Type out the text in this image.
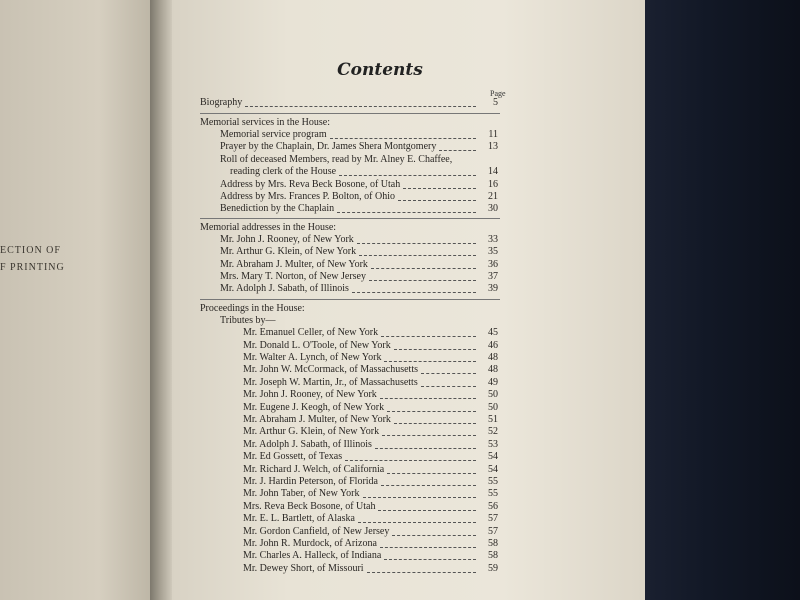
ECTION OF
F PRINTING
Contents
Page
Biography	5
Memorial services in the House:
Memorial service program	11
Prayer by the Chaplain, Dr. James Shera Montgomery	13
Roll of deceased Members, read by Mr. Alney E. Chaffee,
reading clerk of the House	14
Address by Mrs. Reva Beck Bosone, of Utah	16
Address by Mrs. Frances P. Bolton, of Ohio	21
Benediction by the Chaplain	30
Memorial addresses in the House:
Mr. John J. Rooney, of New York	33
Mr. Arthur G. Klein, of New York	35
Mr. Abraham J. Multer, of New York	36
Mrs. Mary T. Norton, of New Jersey	37
Mr. Adolph J. Sabath, of Illinois	39
Proceedings in the House:
Tributes by—
Mr. Emanuel Celler, of New York	45
Mr. Donald L. O'Toole, of New York	46
Mr. Walter A. Lynch, of New York	48
Mr. John W. McCormack, of Massachusetts	48
Mr. Joseph W. Martin, Jr., of Massachusetts	49
Mr. John J. Rooney, of New York	50
Mr. Eugene J. Keogh, of New York	50
Mr. Abraham J. Multer, of New York	51
Mr. Arthur G. Klein, of New York	52
Mr. Adolph J. Sabath, of Illinois	53
Mr. Ed Gossett, of Texas	54
Mr. Richard J. Welch, of California	54
Mr. J. Hardin Peterson, of Florida	55
Mr. John Taber, of New York	55
Mrs. Reva Beck Bosone, of Utah	56
Mr. E. L. Bartlett, of Alaska	57
Mr. Gordon Canfield, of New Jersey	57
Mr. John R. Murdock, of Arizona	58
Mr. Charles A. Halleck, of Indiana	58
Mr. Dewey Short, of Missouri	59
